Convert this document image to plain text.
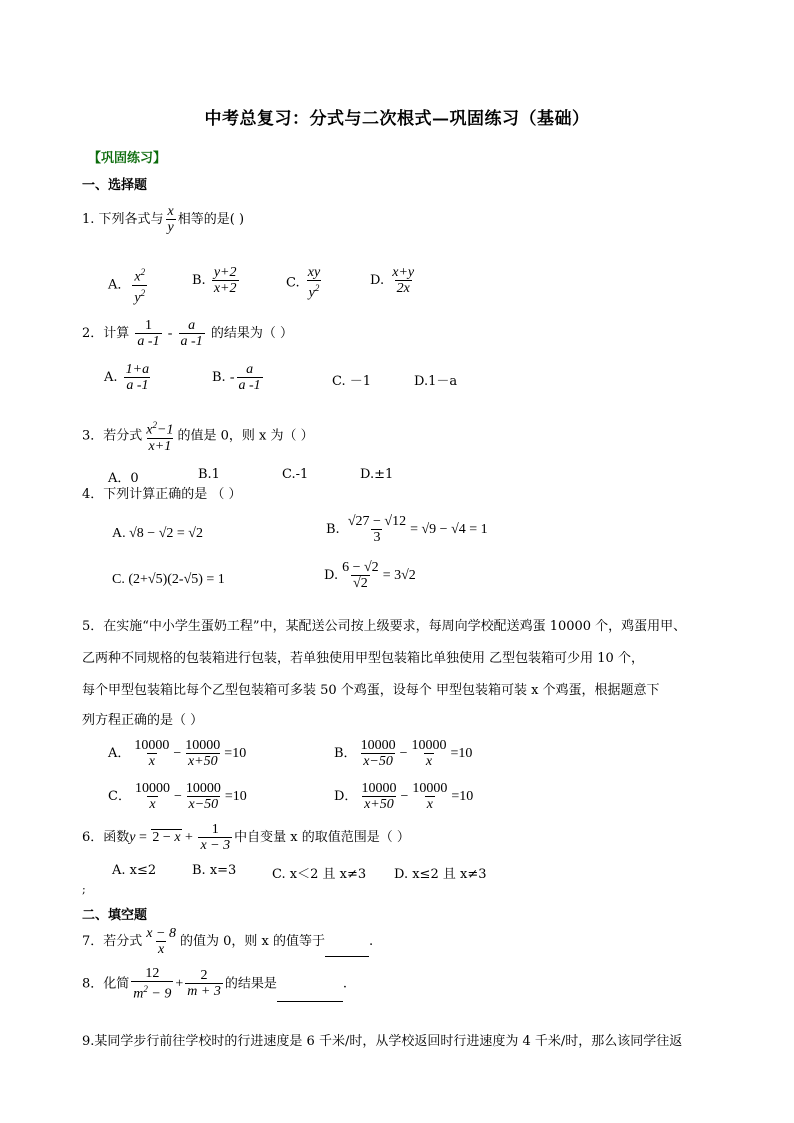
中考总复习：分式与二次根式—巩固练习（基础）
【巩固练习】
一、选择题
1. 下列各式与 $\frac{x}{y}$ 相等的是( )
A． $\frac{x^2}{y^2}$	B. $\frac{y+2}{x+2}$	C. $\frac{xy}{y^2}$	D. $\frac{x+y}{2x}$
2．计算 $\frac{1}{a -1} - \frac{a}{a -1}$ 的结果为（ ）
A. $\frac{1+a}{a -1}$	B. - $\frac{a}{a -1}$	C. －1	D.1－a
3．若分式 $\frac{x^2-1}{x+1}$ 的值是 0，则 x 为（ ）
A．0	B.1	C.-1	D.±1
4．下列计算正确的是 （ ）
A. √8 − √2 = √2	B. $\frac{√27 - √12}{3} = √9 - √4 = 1$
C. (2+√5)(2-√5) = 1	D. $\frac{6 - √2}{√2} = 3√2$
5．在实施“中小学生蛋奶工程”中，某配送公司按上级要求，每周向学校配送鸡蛋 10000 个，鸡蛋用甲、
乙两种不同规格的包装箱进行包装，若单独使用甲型包装箱比单独使用 乙型包装箱可少用 10 个，
每个甲型包装箱比每个乙型包装箱可多装 50 个鸡蛋，设每个 甲型包装箱可装 x 个鸡蛋，根据题意下
列方程正确的是（ ）
A． $\frac{10000}{x} - \frac{10000}{x+50} =10$	B． $\frac{10000}{x-50} - \frac{10000}{x} =10$
C． $\frac{10000}{x} - \frac{10000}{x-50} =10$	D． $\frac{10000}{x+50} - \frac{10000}{x} =10$
6．函数$y = 2 - x + \frac{1}{x - 3}$ 中自变量 x 的取值范围是（ ）
A. x≤2	B. x=3	C. x＜2 且 x≠3 D. x≤2 且 x≠3
;
二、填空题
7．若分式 $\frac{x - 8}{x}$ 的值为 0，则 x 的值等于	.
8．化简 $\frac{12}{m^2 - 9} + \frac{2}{m + 3}$ 的结果是	.
9.某同学步行前往学校时的行进速度是 6 千米/时，从学校返回时行进速度为 4 千米/时，那么该同学往返
